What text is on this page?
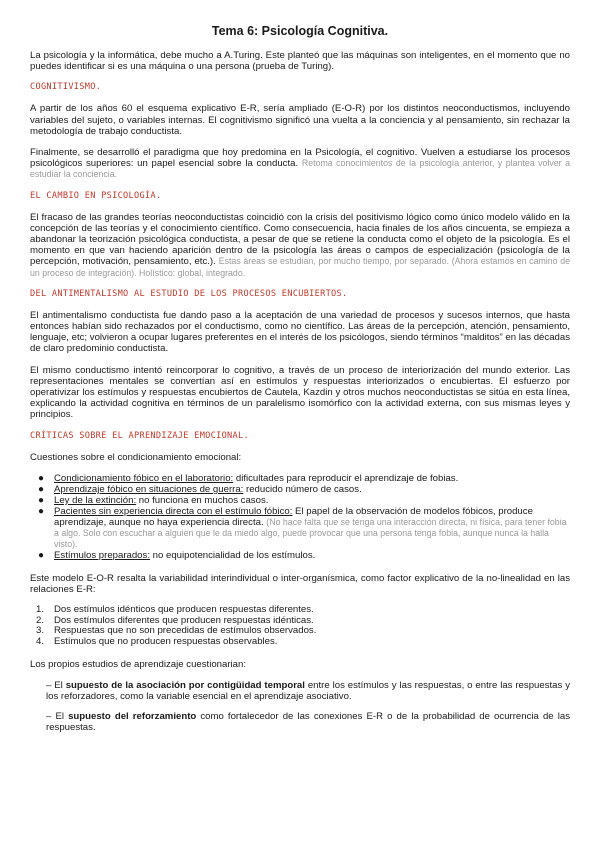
Tema 6: Psicología Cognitiva.

La psicología y la informática, debe mucho a A.Turing. Este planteó que las máquinas son inteligentes, en el momento que no puedes identificar si es una máquina o una persona (prueba de Turing).

COGNITIVISMO.

A partir de los años 60 el esquema explicativo E-R, sería ampliado (E-O-R) por los distintos neoconductismos, incluyendo variables del sujeto, o variables internas. El cognitivismo significó una vuelta a la conciencia y al pensamiento, sin rechazar la metodología de trabajo conductista.

Finalmente, se desarrolló el paradigma que hoy predomina en la Psicología, el cognitivo. Vuelven a estudiarse los procesos psicológicos superiores: un papel esencial sobre la conducta. Retoma conocimientos de la psicología anterior, y plantea volver a estudiar la conciencia.

EL CAMBIO EN PSICOLOGÍA.

El fracaso de las grandes teorías neoconductistas coincidió con la crisis del positivismo lógico como único modelo válido en la concepción de las teorías y el conocimiento científico. Como consecuencia, hacia finales de los años cincuenta, se empieza a abandonar la teorización psicológica conductista, a pesar de que se retiene la conducta como el objeto de la psicología. Es el momento en que van haciendo aparición dentro de la psicología las áreas o campos de especialización (psicología de la percepción, motivación, pensamiento, etc.). Estas áreas se estudian, por mucho tiempo, por separado. (Ahora estamos en camino de un proceso de integración). Holístico: global, integrado.

DEL ANTIMENTALISMO AL ESTUDIO DE LOS PROCESOS ENCUBIERTOS.

El antimentalismo conductista fue dando paso a la aceptación de una variedad de procesos y sucesos internos, que hasta entonces habían sido rechazados por el conductismo, como no científico. Las áreas de la percepción, atención, pensamiento, lenguaje, etc; volvieron a ocupar lugares preferentes en el interés de los psicólogos, siendo términos “malditos” en las décadas de claro predominio conductista.

El mismo conductismo intentó reincorporar lo cognitivo, a través de un proceso de interiorización del mundo exterior. Las representaciones mentales se convertían así en estímulos y respuestas interiorizados o encubiertas. El esfuerzo por operativizar los estímulos y respuestas encubiertos de Cautela, Kazdin y otros muchos neoconductistas se sitúa en esta línea, explicando la actividad cognitiva en términos de un paralelismo isomórfico con la actividad externa, con sus mismas leyes y principios.

CRÍTICAS SOBRE EL APRENDIZAJE EMOCIONAL.

Cuestiones sobre el condicionamiento emocional:

● Condicionamiento fóbico en el laboratorio: dificultades para reproducir el aprendizaje de fobias.
● Aprendizaje fóbico en situaciones de guerra: reducido número de casos.
● Ley de la extinción: no funciona en muchos casos.
● Pacientes sin experiencia directa con el estímulo fóbico: El papel de la observación de modelos fóbicos, produce aprendizaje, aunque no haya experiencia directa. (No hace falta que se tenga una interacción directa, ni física, para tener fobia a algo. Solo con escuchar a alguien que le da miedo algo, puede provocar que una persona tenga fobia, aunque nunca la halla visto).
● Estímulos preparados: no equipotencialidad de los estímulos.

Este modelo E-O-R resalta la variabilidad interindividual o inter-organísmica, como factor explicativo de la no-linealidad en las relaciones E-R:

1. Dos estímulos idénticos que producen respuestas diferentes.
2. Dos estímulos diferentes que producen respuestas idénticas.
3. Respuestas que no son precedidas de estímulos observados.
4. Estímulos que no producen respuestas observables.

Los propios estudios de aprendizaje cuestionarian:

– El supuesto de la asociación por contigüidad temporal entre los estímulos y las respuestas, o entre las respuestas y los reforzadores, como la variable esencial en el aprendizaje asociativo.

– El supuesto del reforzamiento como fortalecedor de las conexiones E-R o de la probabilidad de ocurrencia de las respuestas.
